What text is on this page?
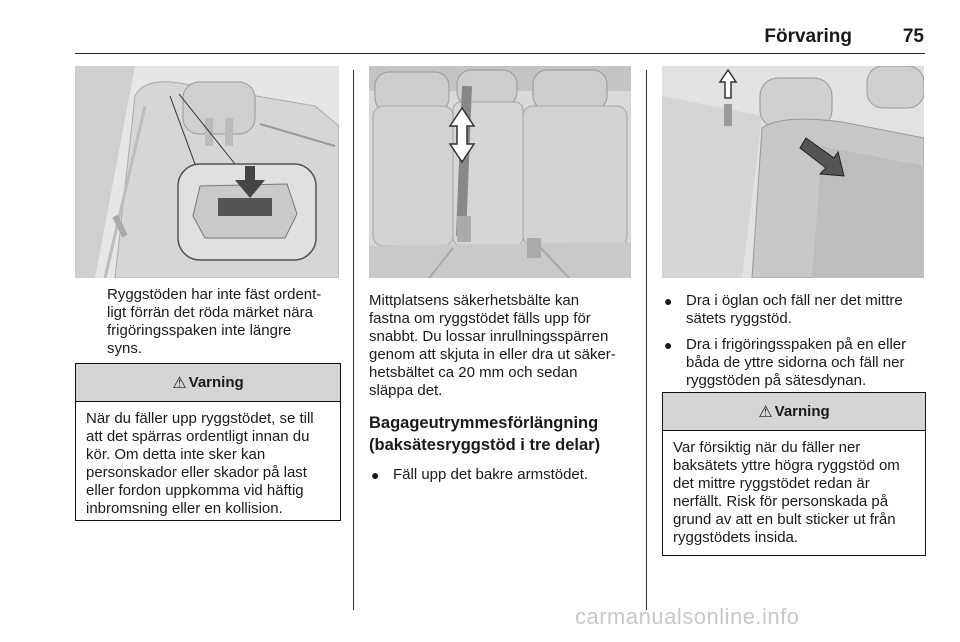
Förvaring	75

Ryggstöden har inte fäst ordent-

ligt förrän det röda märket nära

frigöringsspaken inte längre

syns.

⚠ Varning
När du fäller upp ryggstödet, se till
att det spärras ordentligt innan du
kör. Om detta inte sker kan
personskador eller skador på last
eller fordon uppkomma vid häftig
inbromsning eller en kollision.

Mittplatsens säkerhetsbälte kan

fastna om ryggstödet fälls upp för

snabbt. Du lossar inrullningsspärren

genom att skjuta in eller dra ut säker-

hetsbältet ca 20 mm och sedan

släppa det.

Bagageutrymmesförlängning
(baksätesryggstöd i tre delar)
● Fäll upp det bakre armstödet.
● Dra i öglan och fäll ner det mittre
sätets ryggstöd.
● Dra i frigöringsspaken på en eller
båda de yttre sidorna och fäll ner
ryggstöden på sätesdynan.
⚠ Varning
Var försiktig när du fäller ner
baksätets yttre högra ryggstöd om
det mittre ryggstödet redan är
nerfällt. Risk för personskada på
grund av att en bult sticker ut från
ryggstödets insida.
carmanualsonline.info
